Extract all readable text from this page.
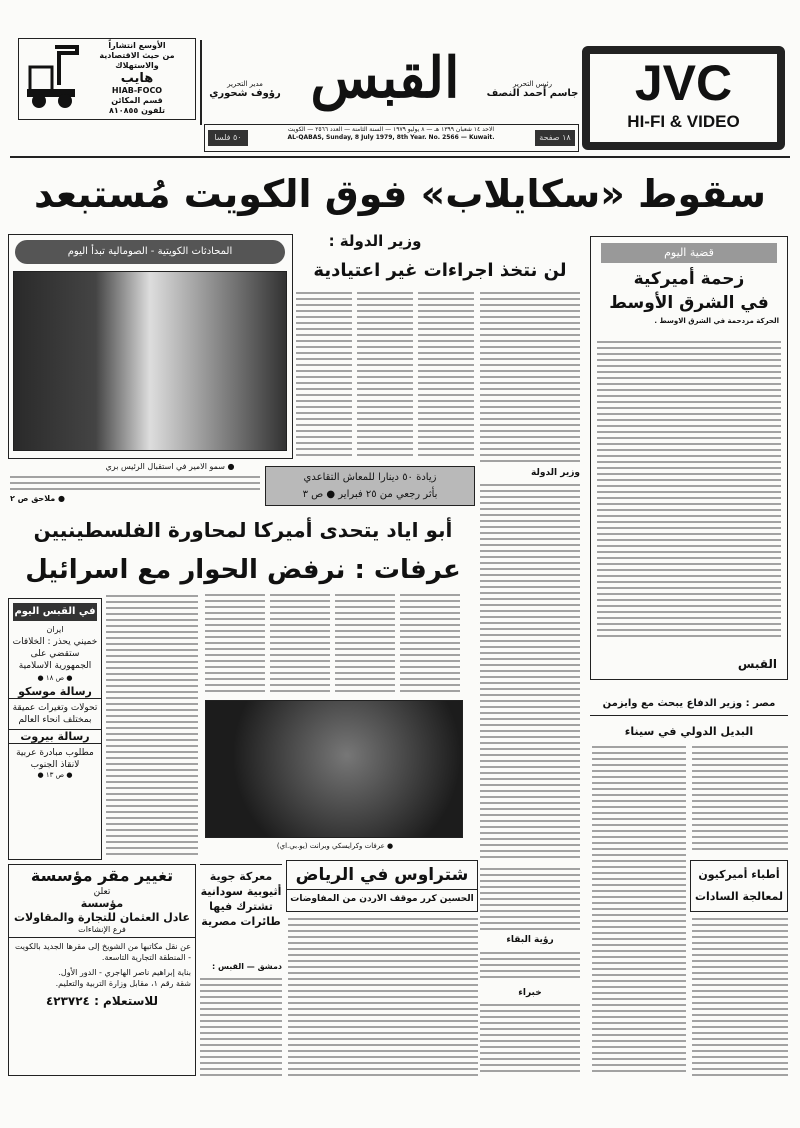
الأوسع انتشاراً
من حيث الاقتصادية
والاستهلاك
هايب
HIAB-FOCO
قسم المكائن
تلفون ٨١٠٨٥٥
مدير التحرير
رؤوف شحوري القبس	رئيس التحرير
جاسم أحمد النصف
١٨ صفحة
الاحد ١٤ شعبان ١٣٩٩ هـ — ٨ يوليو ١٩٧٩ — السنة الثامنة — العدد ٢٥٦٦ — الكويت
AL-QABAS, Sunday, 8 July 1979, 8th Year. No. 2566 — Kuwait.
٥٠ فلسا
JVC
HI-FI & VIDEO
سقوط «سكايلاب» فوق الكويت مُستبعد
المحادثات الكويتية - الصومالية تبدأ اليوم
● سمو الامير في استقبال الرئيس بري
● ملاحق ص ٢
وزير الدولة :
لن نتخذ اجراءات غير اعتيادية
وزير الدولة
زيادة ٥٠ دينارا للمعاش التقاعدي
بأثر رجعي من ٢٥ فبراير ● ص ٣
أبو اياد يتحدى أميركا لمحاورة الفلسطينيين
عرفات : نرفض الحوار مع اسرائيل
في القبس اليوم
ايران
خميني يحذر : الخلافات ستقضي على الجمهورية الاسلامية
● ص ١٨ ●
رسالة موسكو
تحولات وتغيرات عميقة بمختلف انحاء العالم
رسالة بيروت
مطلوب مبادرة عربية لانقاذ الجنوب
● ص ١٣ ●
● عرفات وكرايسكي وبرانت (يو.بي.اي)
قضية اليوم
زحمة أميركية
في الشرق الأوسط
الحركة مزدحمة في الشرق الاوسط .
القبس
مصر : وزير الدفاع يبحث مع وايزمن
البديل الدولي في سيناء
أطباء أميركيون
لمعالجة السادات
رؤية البقاء
خبراء
معركة جوية أثيوبية سودانية تشترك فيها طائرات مصرية
دمشق — القبس :
شتراوس في الرياض
الحسين كرر موقف الاردن من المفاوضات
تغيير مقر مؤسسة
تعلن
مؤسسة
عادل العثمان للتجارة والمقاولات
فرع الإنشاءات
عن نقل مكاتبها من الشويخ إلى مقرها الجديد بالكويت - المنطقة التجارية التاسعة.
بناية إبراهيم ناصر الهاجري - الدور الأول.
شقة رقم ١، مقابل وزارة التربية والتعليم.
للاستعلام : ٤٢٣٧٢٤
